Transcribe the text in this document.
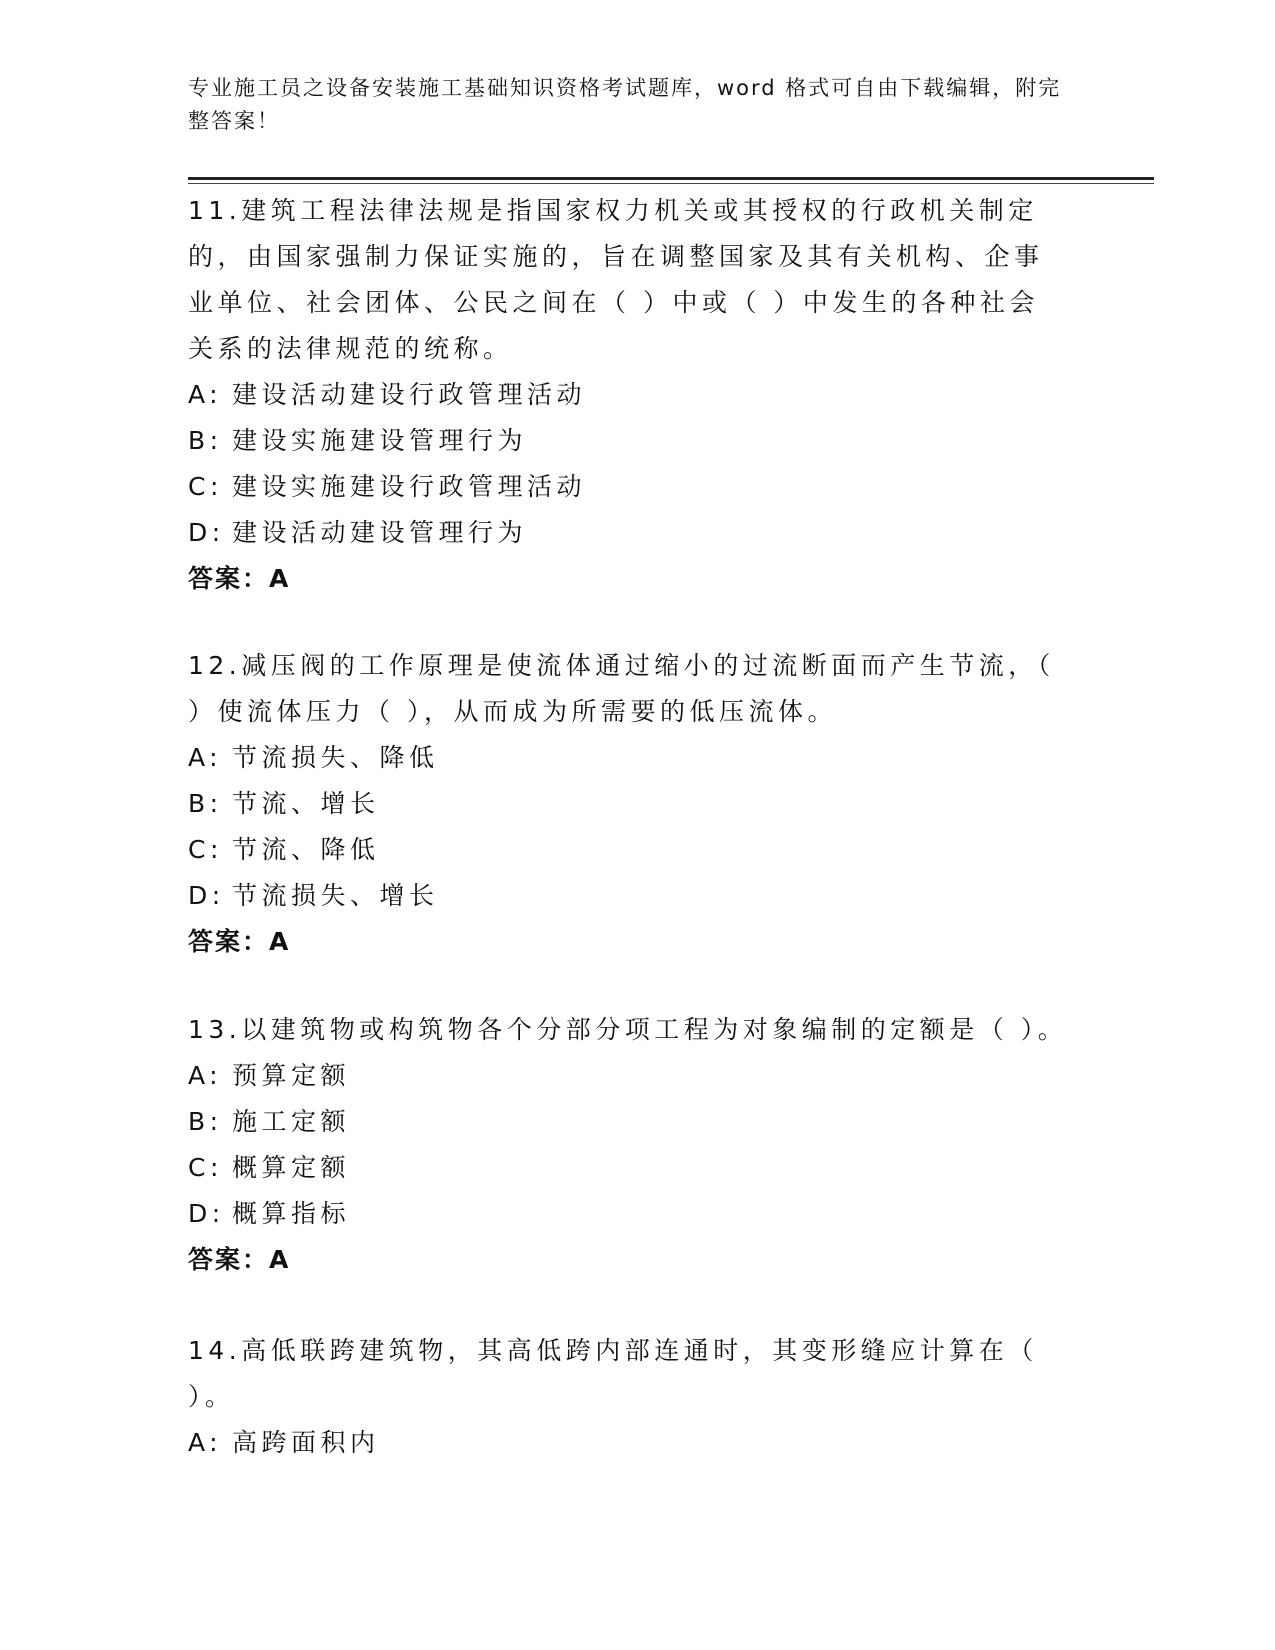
专业施工员之设备安装施工基础知识资格考试题库，word 格式可自由下载编辑，附完整答案！
11.建筑工程法律法规是指国家权力机关或其授权的行政机关制定的，由国家强制力保证实施的，旨在调整国家及其有关机构、企事业单位、社会团体、公民之间在（ ）中或（ ）中发生的各种社会关系的法律规范的统称。
A: 建设活动建设行政管理活动
B: 建设实施建设管理行为
C: 建设实施建设行政管理活动
D: 建设活动建设管理行为
答案：A
12.减压阀的工作原理是使流体通过缩小的过流断面而产生节流，（ ）使流体压力（ ），从而成为所需要的低压流体。
A: 节流损失、降低
B: 节流、增长
C: 节流、降低
D: 节流损失、增长
答案：A
13.以建筑物或构筑物各个分部分项工程为对象编制的定额是（ ）。
A: 预算定额
B: 施工定额
C: 概算定额
D: 概算指标
答案：A
14.高低联跨建筑物，其高低跨内部连通时，其变形缝应计算在（ ）。
A: 高跨面积内
